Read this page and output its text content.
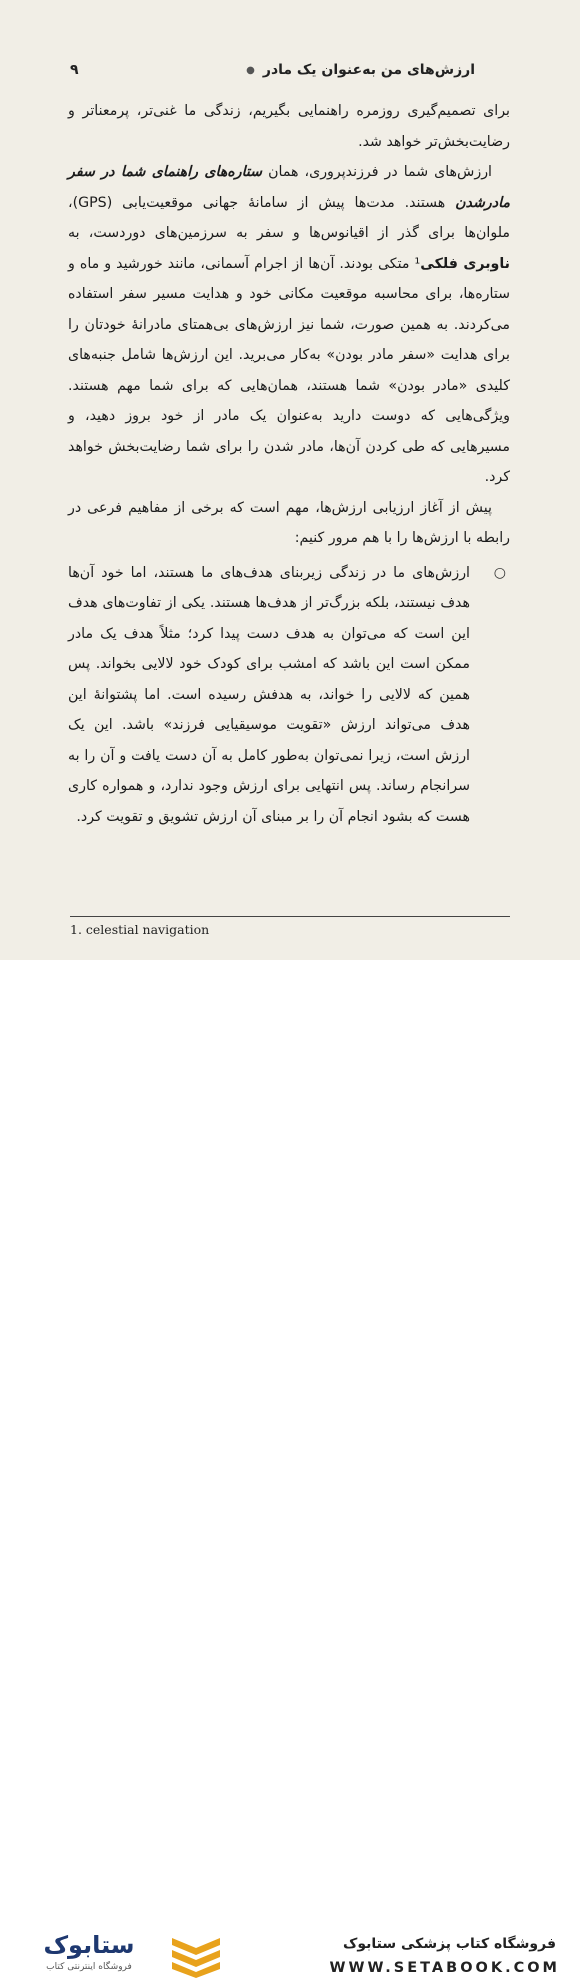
ارزش‌های من به‌عنوان یک مادر
●
۹

برای تصمیم‌گیری روزمره راهنمایی بگیریم، زندگی ما غنی‌تر، پرمعناتر و رضایت‌بخش‌تر خواهد شد.

ارزش‌های شما در فرزندپروری، همان ستاره‌های راهنمای شما در سفر مادرشدن هستند. مدت‌ها پیش از سامانهٔ جهانی موقعیت‌یابی (GPS)، ملوان‌ها برای گذر از اقیانوس‌ها و سفر به سرزمین‌های دوردست، به ناوبری فلکی¹ متکی بودند. آن‌ها از اجرام آسمانی، مانند خورشید و ماه و ستاره‌ها، برای محاسبه موقعیت مکانی خود و هدایت مسیر سفر استفاده می‌کردند. به همین صورت، شما نیز ارزش‌های بی‌همتای مادرانهٔ خودتان را برای هدایت «سفر مادر بودن» به‌کار می‌برید. این ارزش‌ها شامل جنبه‌های کلیدی «مادر بودن» شما هستند، همان‌هایی که برای شما مهم هستند. ویژگی‌هایی که دوست دارید به‌عنوان یک مادر از خود بروز دهید، و مسیرهایی که طی کردن آن‌ها، مادر شدن را برای شما رضایت‌بخش خواهد کرد.

پیش از آغاز ارزیابی ارزش‌ها، مهم است که برخی از مفاهیم فرعی در رابطه با ارزش‌ها را با هم مرور کنیم:

○

ارزش‌های ما در زندگی زیربنای هدف‌های ما هستند، اما خود آن‌ها هدف نیستند، بلکه بزرگ‌تر از هدف‌ها هستند. یکی از تفاوت‌های هدف این است که می‌توان به هدف دست پیدا کرد؛ مثلاً هدف یک مادر ممکن است این باشد که امشب برای کودک خود لالایی بخواند. پس همین که لالایی را خواند، به هدفش رسیده است. اما پشتوانهٔ این هدف می‌تواند ارزش «تقویت موسیقیایی فرزند» باشد. این یک ارزش است، زیرا نمی‌توان به‌طور کامل به آن دست یافت و آن را به سرانجام رساند. پس انتهایی برای ارزش وجود ندارد، و همواره کاری هست که بشود انجام آن را بر مبنای آن ارزش تشویق و تقویت کرد.

1. celestial navigation
ستابوک
فروشگاه اینترنتی کتاب
فروشگاه کتاب پزشکی ستابوک
WWW.SETABOOK.COM
